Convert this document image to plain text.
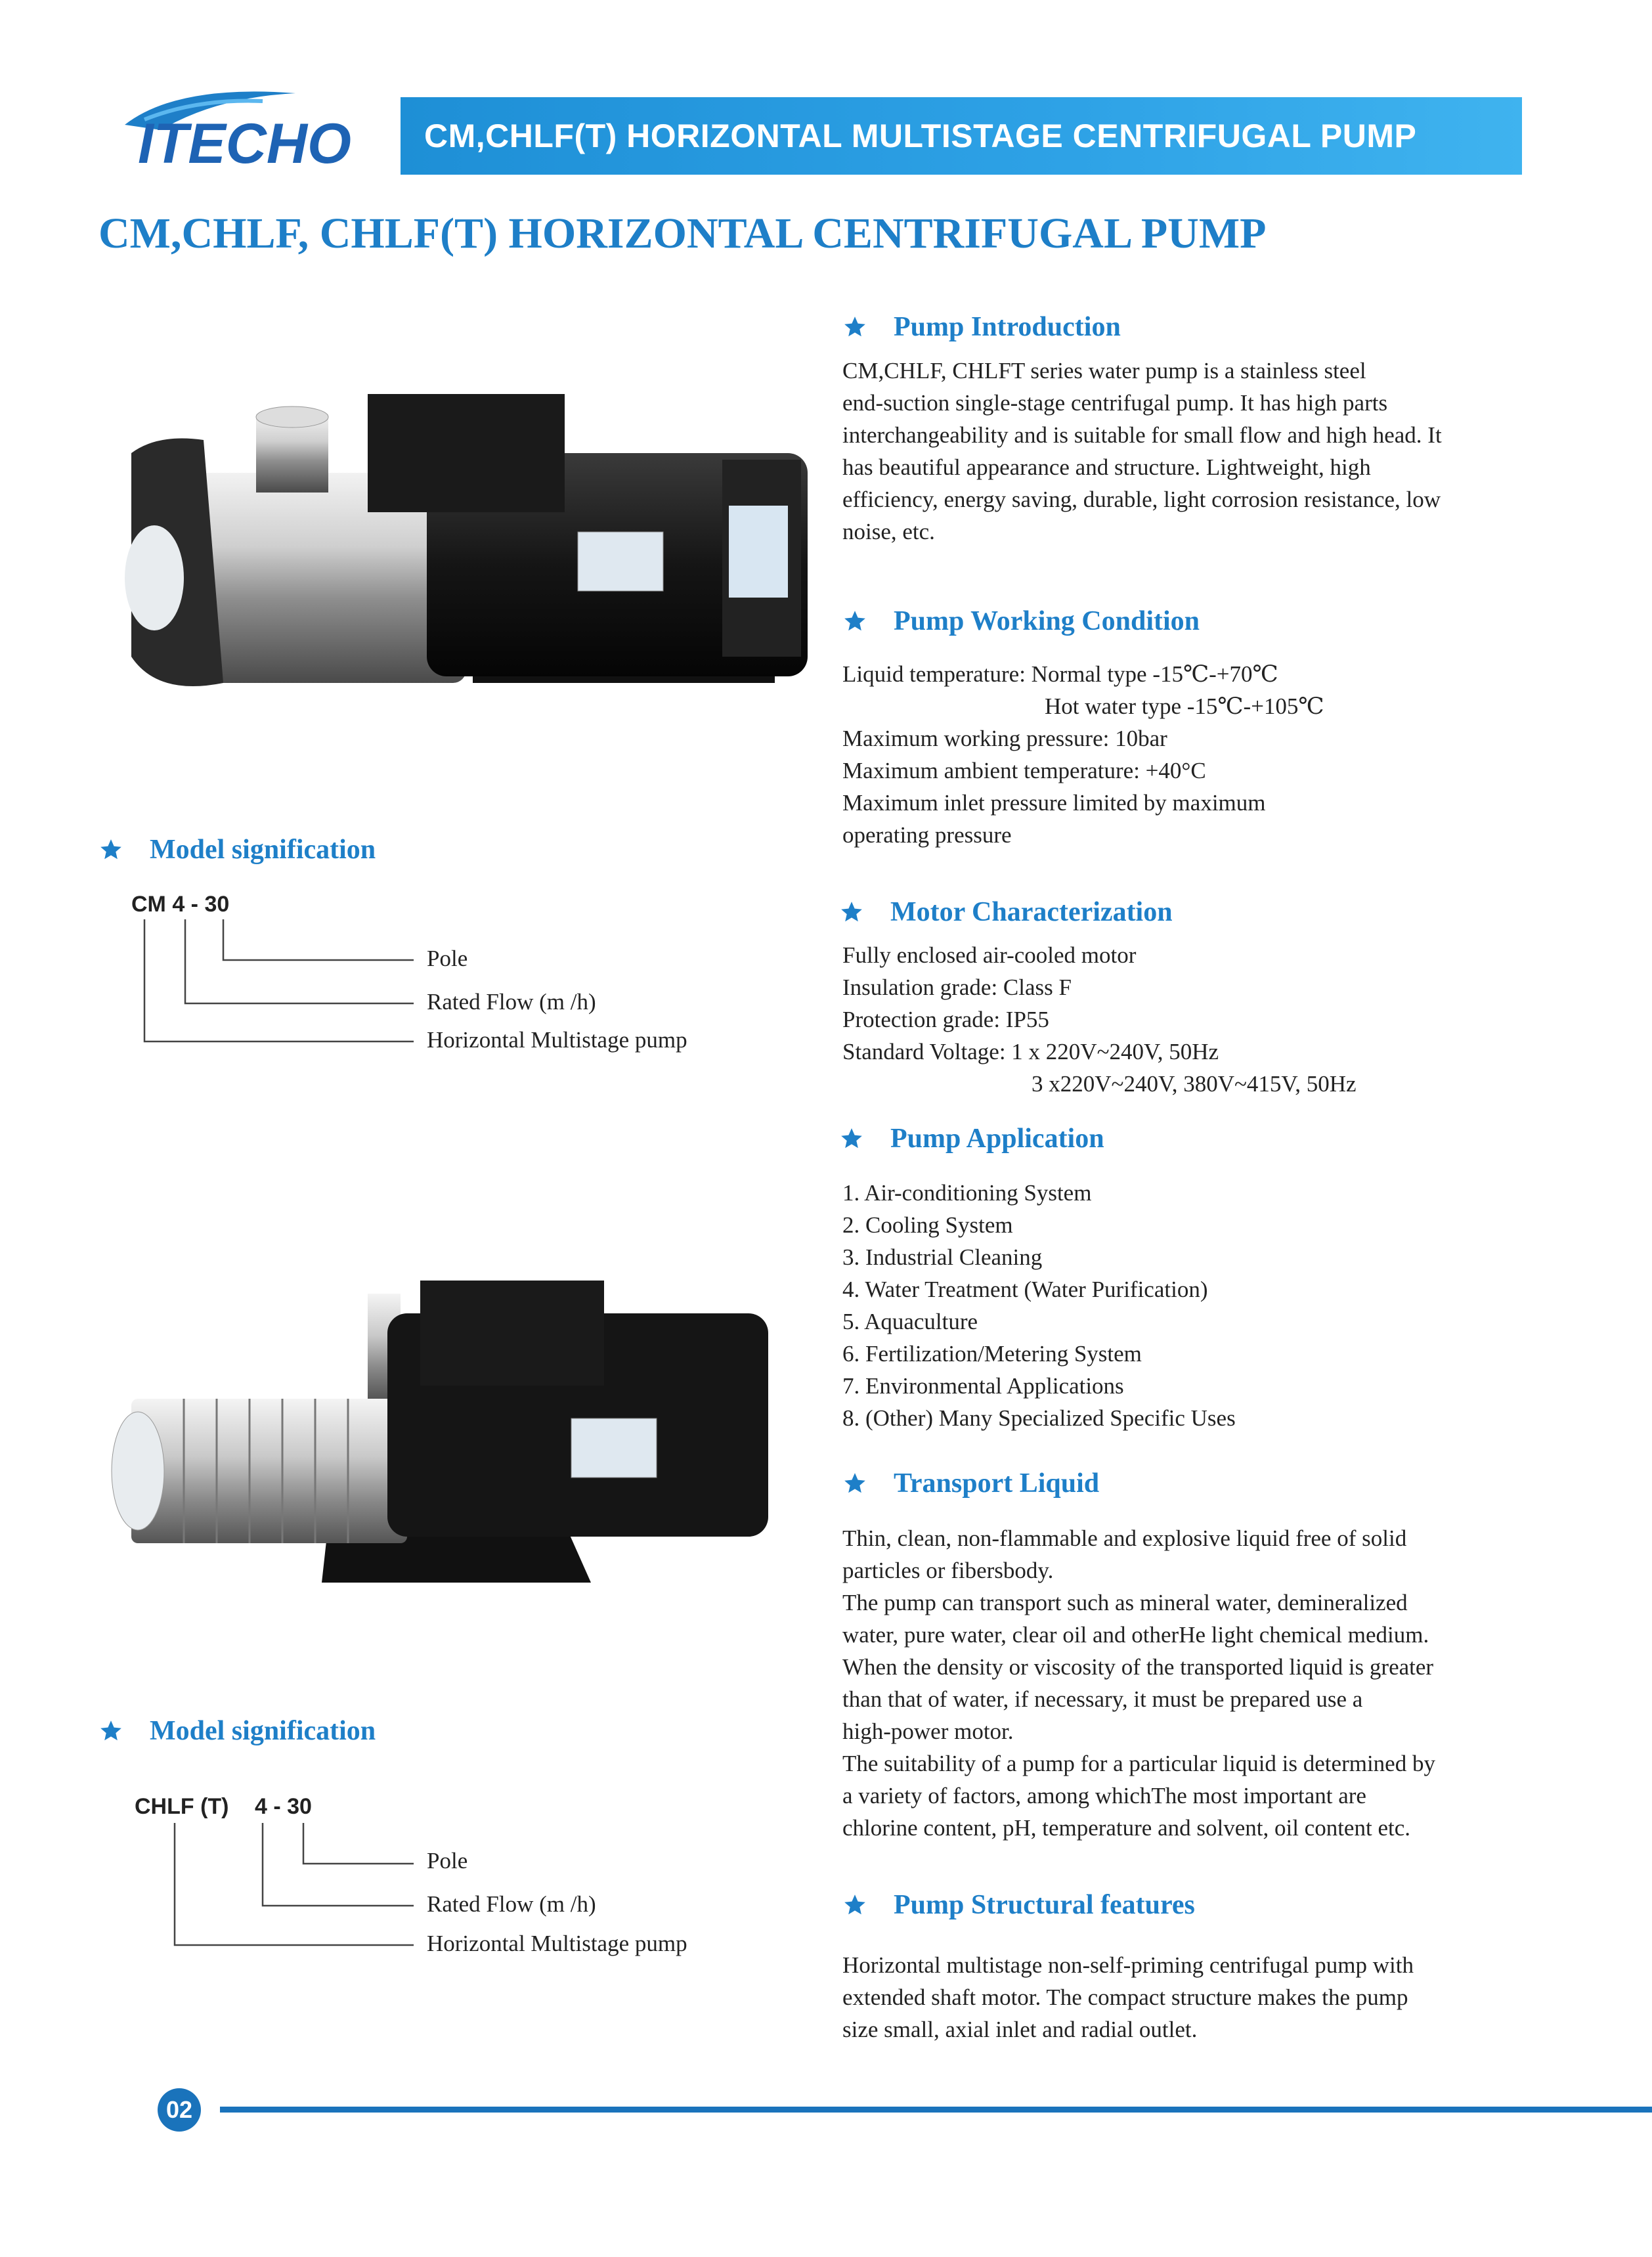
ITECHO	CM,CHLF(T) HORIZONTAL MULTISTAGE CENTRIFUGAL PUMP
CM,CHLF, CHLF(T) HORIZONTAL CENTRIFUGAL PUMP
Model signification
CM 4 - 30
Pole
Rated Flow (m /h)
Horizontal Multistage pump
Model signification
CHLF (T) 4 - 30
Pole
Rated Flow (m /h)
Horizontal Multistage pump
Pump Introduction

CM,CHLF, CHLFT series water pump is a stainless steel

end-suction single-stage centrifugal pump. It has high parts

interchangeability and is suitable for small flow and high head. It

has beautiful appearance and structure. Lightweight, high

efficiency, energy saving, durable, light corrosion resistance, low

noise, etc.

Pump Working Condition

Liquid temperature: Normal type -15℃-+70℃

Hot water type -15℃-+105℃

Maximum working pressure: 10bar

Maximum ambient temperature: +40°C

Maximum inlet pressure limited by maximum

operating pressure

Motor Characterization

Fully enclosed air-cooled motor

Insulation grade: Class F

Protection grade: IP55

Standard Voltage: 1 x 220V~240V, 50Hz

3 x220V~240V, 380V~415V, 50Hz

Pump Application

1. Air-conditioning System

2. Cooling System

3. Industrial Cleaning

4. Water Treatment (Water Purification)

5. Aquaculture

6. Fertilization/Metering System

7. Environmental Applications

8. (Other) Many Specialized Specific Uses

Transport Liquid

Thin, clean, non-flammable and explosive liquid free of solid

particles or fibersbody.

The pump can transport such as mineral water, demineralized

water, pure water, clear oil and otherHe light chemical medium.

When the density or viscosity of the transported liquid is greater

than that of water, if necessary, it must be prepared use a

high-power motor.

The suitability of a pump for a particular liquid is determined by

a variety of factors, among whichThe most important are

chlorine content, pH, temperature and solvent, oil content etc.

Pump Structural features

Horizontal multistage non-self-priming centrifugal pump with

extended shaft motor. The compact structure makes the pump

size small, axial inlet and radial outlet.

02
